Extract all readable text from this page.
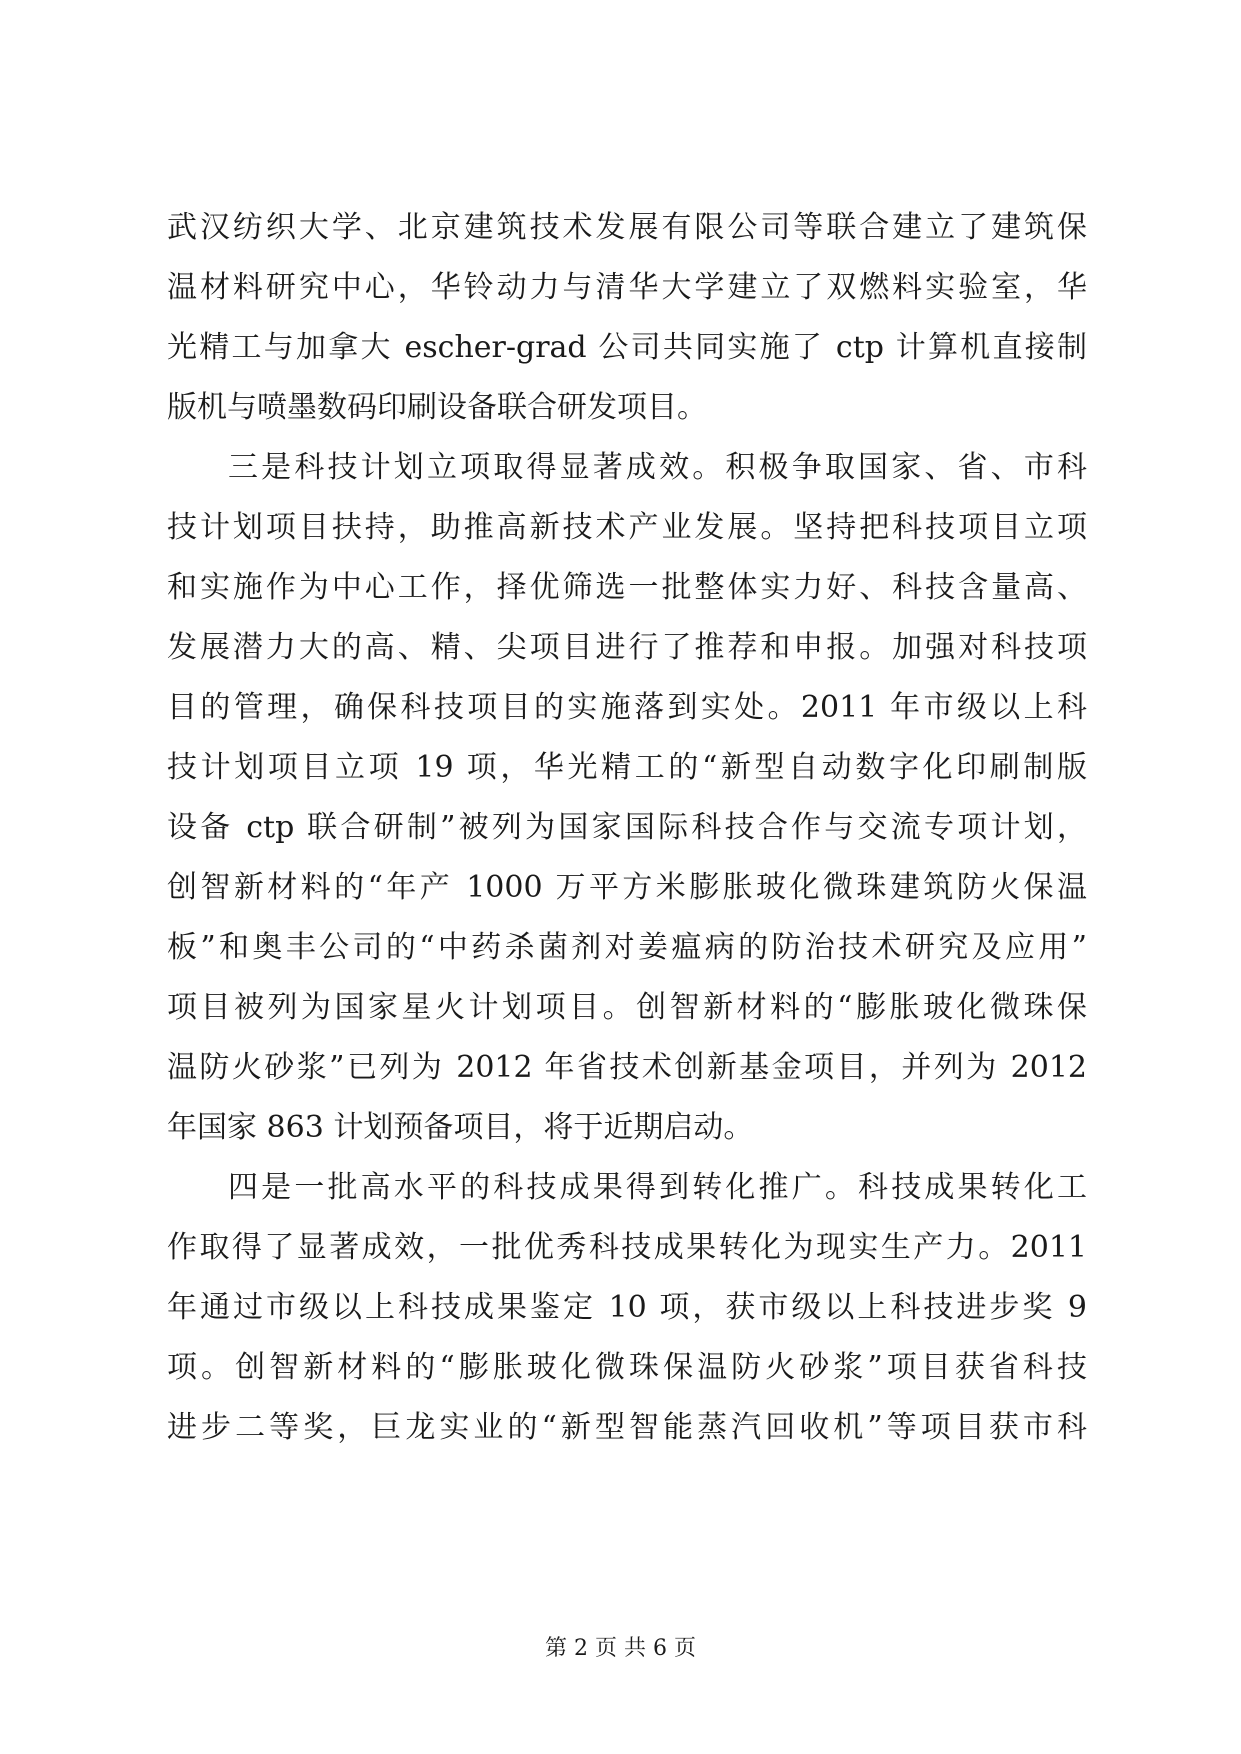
武汉纺织大学、北京建筑技术发展有限公司等联合建立了建筑保
温材料研究中心，华铃动力与清华大学建立了双燃料实验室，华
光精工与加拿大 escher-grad 公司共同实施了 ctp 计算机直接制
版机与喷墨数码印刷设备联合研发项目。
三是科技计划立项取得显著成效。积极争取国家、省、市科
技计划项目扶持，助推高新技术产业发展。坚持把科技项目立项
和实施作为中心工作，择优筛选一批整体实力好、科技含量高、
发展潜力大的高、精、尖项目进行了推荐和申报。加强对科技项
目的管理，确保科技项目的实施落到实处。2011 年市级以上科
技计划项目立项 19 项，华光精工的“新型自动数字化印刷制版
设备 ctp 联合研制”被列为国家国际科技合作与交流专项计划，
创智新材料的“年产 1000 万平方米膨胀玻化微珠建筑防火保温
板”和奥丰公司的“中药杀菌剂对姜瘟病的防治技术研究及应用”
项目被列为国家星火计划项目。创智新材料的“膨胀玻化微珠保
温防火砂浆”已列为 2012 年省技术创新基金项目，并列为 2012
年国家 863 计划预备项目，将于近期启动。
四是一批高水平的科技成果得到转化推广。科技成果转化工
作取得了显著成效，一批优秀科技成果转化为现实生产力。2011
年通过市级以上科技成果鉴定 10 项，获市级以上科技进步奖 9
项。创智新材料的“膨胀玻化微珠保温防火砂浆”项目获省科技
进步二等奖，巨龙实业的“新型智能蒸汽回收机”等项目获市科
第 2 页 共 6 页
